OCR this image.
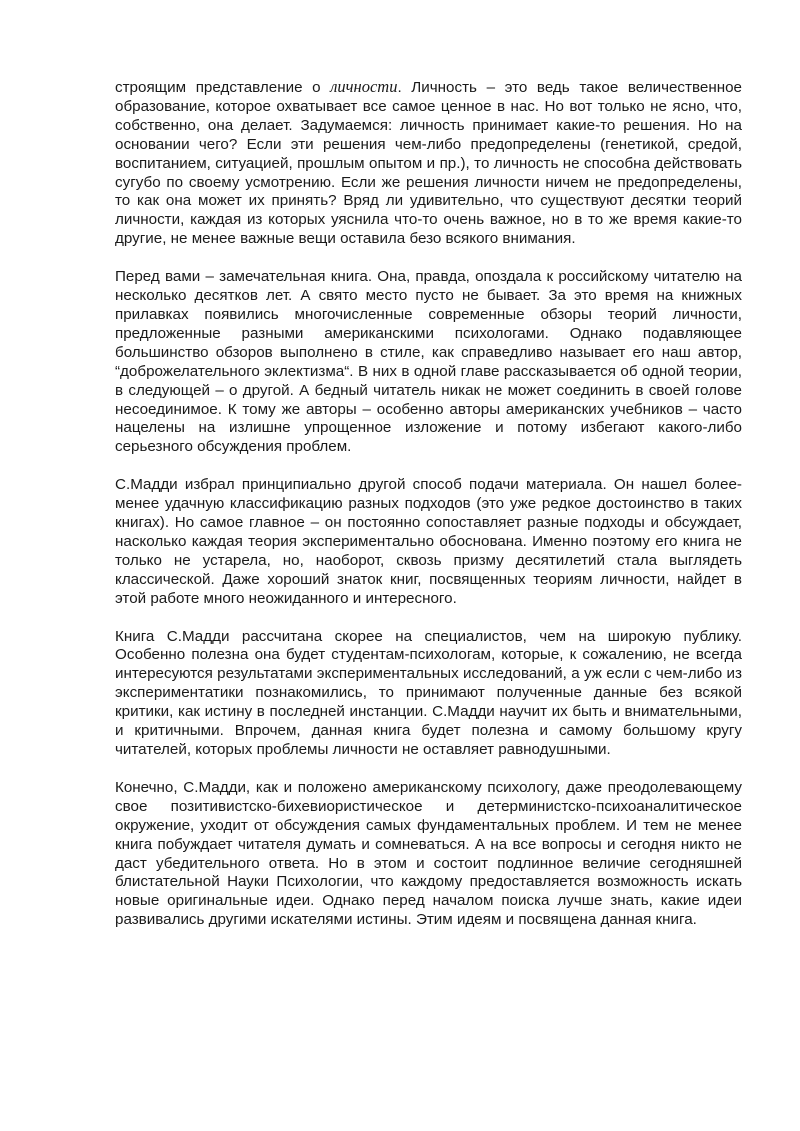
строящим представление о личности. Личность – это ведь такое величественное образование, которое охватывает все самое ценное в нас. Но вот только не ясно, что, собственно, она делает. Задумаемся: личность принимает какие-то решения. Но на основании чего? Если эти решения чем-либо предопределены (генетикой, средой, воспитанием, ситуацией, прошлым опытом и пр.), то личность не способна действовать сугубо по своему усмотрению. Если же решения личности ничем не предопределены, то как она может их принять? Вряд ли удивительно, что существуют десятки теорий личности, каждая из которых уяснила что-то очень важное, но в то же время какие-то другие, не менее важные вещи оставила безо всякого внимания.

Перед вами – замечательная книга. Она, правда, опоздала к российскому читателю на несколько десятков лет. А свято место пусто не бывает. За это время на книжных прилавках появились многочисленные современные обзоры теорий личности, предложенные разными американскими психологами. Однако подавляющее большинство обзоров выполнено в стиле, как справедливо называет его наш автор, “доброжелательного эклектизма“. В них в одной главе рассказывается об одной теории, в следующей – о другой. А бедный читатель никак не может соединить в своей голове несоединимое. К тому же авторы – особенно авторы американских учебников – часто нацелены на излишне упрощенное изложение и потому избегают какого-либо серьезного обсуждения проблем.

С.Мадди избрал принципиально другой способ подачи материала. Он нашел более-менее удачную классификацию разных подходов (это уже редкое достоинство в таких книгах). Но самое главное – он постоянно сопоставляет разные подходы и обсуждает, насколько каждая теория экспериментально обоснована. Именно поэтому его книга не только не устарела, но, наоборот, сквозь призму десятилетий стала выглядеть классической. Даже хороший знаток книг, посвященных теориям личности, найдет в этой работе много неожиданного и интересного.

Книга С.Мадди рассчитана скорее на специалистов, чем на широкую публику. Особенно полезна она будет студентам-психологам, которые, к сожалению, не всегда интересуются результатами экспериментальных исследований, а уж если с чем-либо из экспериментатики познакомились, то принимают полученные данные без всякой критики, как истину в последней инстанции. С.Мадди научит их быть и внимательными, и критичными. Впрочем, данная книга будет полезна и самому большому кругу читателей, которых проблемы личности не оставляет равнодушными.

Конечно, С.Мадди, как и положено американскому психологу, даже преодолевающему свое позитивистско-бихевиористическое и детерминистско-психоаналитическое окружение, уходит от обсуждения самых фундаментальных проблем. И тем не менее книга побуждает читателя думать и сомневаться. А на все вопросы и сегодня никто не даст убедительного ответа. Но в этом и состоит подлинное величие сегодняшней блистательной Науки Психологии, что каждому предоставляется возможность искать новые оригинальные идеи. Однако перед началом поиска лучше знать, какие идеи развивались другими искателями истины. Этим идеям и посвящена данная книга.
